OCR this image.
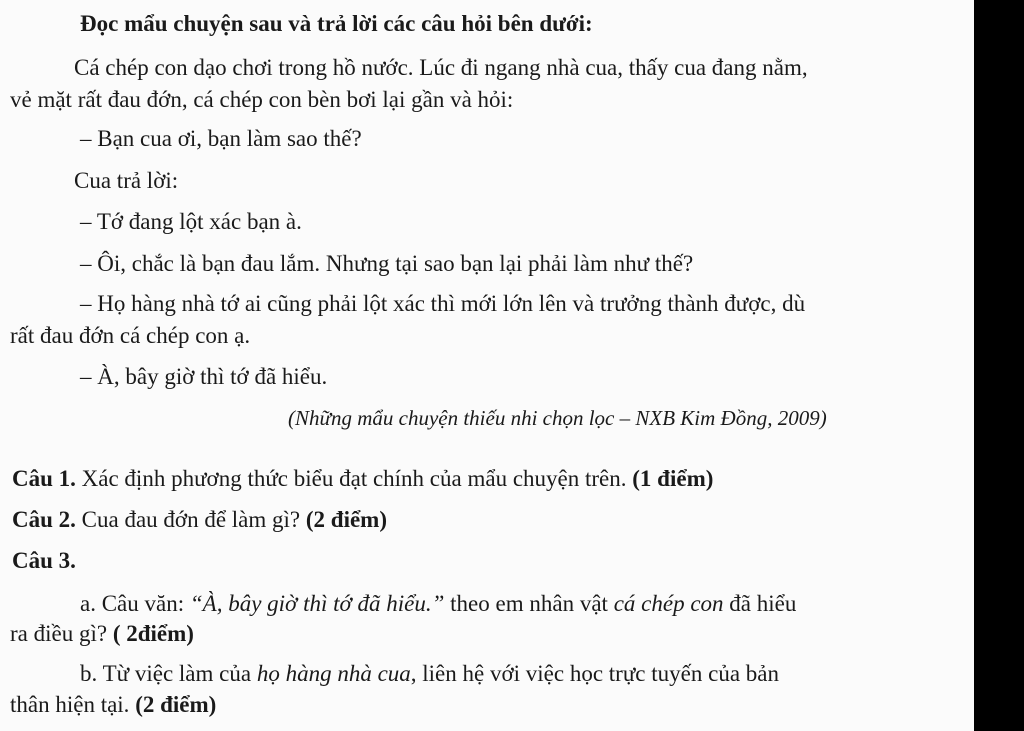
Đọc mẩu chuyện sau và trả lời các câu hỏi bên dưới:
Cá chép con dạo chơi trong hồ nước. Lúc đi ngang nhà cua, thấy cua đang nằm,
vẻ mặt rất đau đớn, cá chép con bèn bơi lại gần và hỏi:
– Bạn cua ơi, bạn làm sao thế?
Cua trả lời:
– Tớ đang lột xác bạn à.
– Ôi, chắc là bạn đau lắm. Nhưng tại sao bạn lại phải làm như thế?
– Họ hàng nhà tớ ai cũng phải lột xác thì mới lớn lên và trưởng thành được, dù
rất đau đớn cá chép con ạ.
– À, bây giờ thì tớ đã hiểu.
(Những mẩu chuyện thiếu nhi chọn lọc – NXB Kim Đồng, 2009)
Câu 1. Xác định phương thức biểu đạt chính của mẩu chuyện trên. (1 điểm)
Câu 2. Cua đau đớn để làm gì? (2 điểm)
Câu 3.
a. Câu văn: “À, bây giờ thì tớ đã hiểu.” theo em nhân vật cá chép con đã hiểu
ra điều gì? ( 2điểm)
b. Từ việc làm của họ hàng nhà cua, liên hệ với việc học trực tuyến của bản
thân hiện tại. (2 điểm)
